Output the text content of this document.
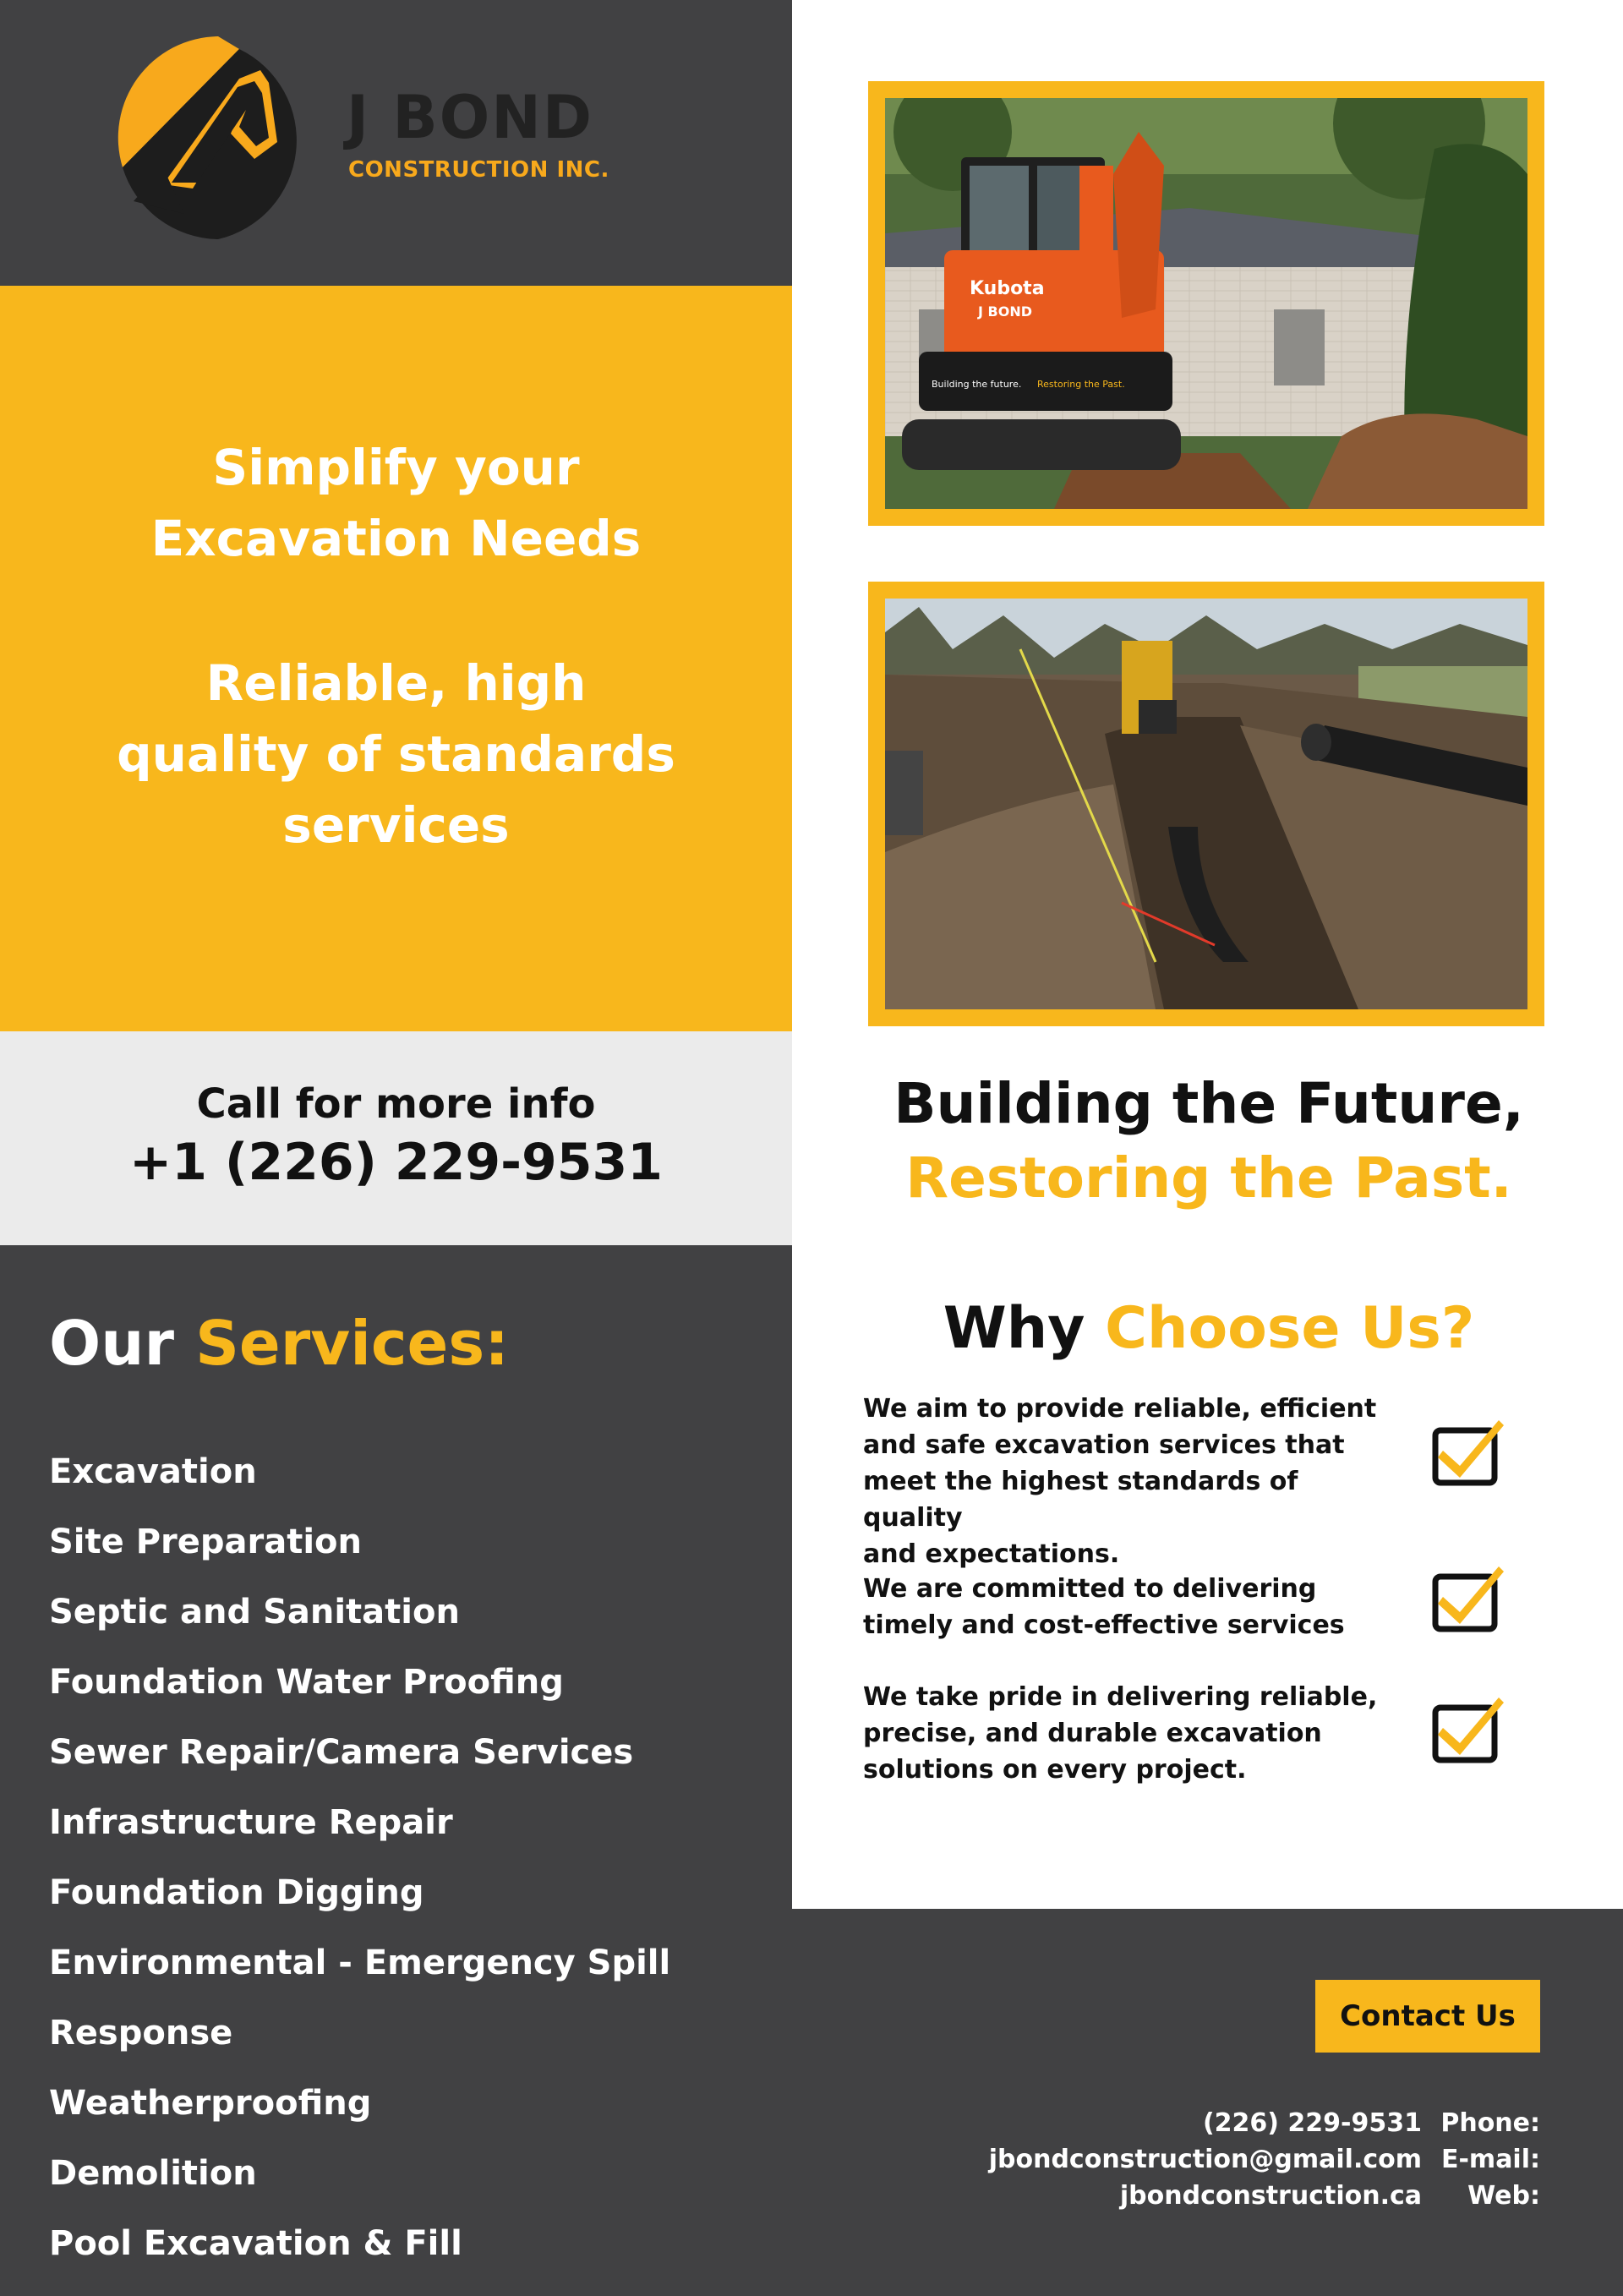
J BOND
CONSTRUCTION INC.
Simplify your
Excavation Needs
Reliable, high
quality of standards
services
Call for more info
+1 (226) 229-9531
Our Services:
Excavation
Site Preparation
Septic and Sanitation
Foundation Water Proofing
Sewer Repair/Camera Services
Infrastructure Repair
Foundation Digging
Environmental - Emergency Spill
Response
Weatherproofing
Demolition
Pool Excavation & Fill
Kubota
J BOND
Building the future. Restoring the Past.
Building the Future,
Restoring the Past.
Why Choose Us?
We aim to provide reliable, efficient
and safe excavation services that
meet the highest standards of quality
and expectations.
We are committed to delivering
timely and cost-effective services
We take pride in delivering reliable,
precise, and durable excavation
solutions on every project.
Contact Us
(226) 229-9531
jbondconstruction@gmail.com
jbondconstruction.ca
Phone:
E-mail:
Web:
